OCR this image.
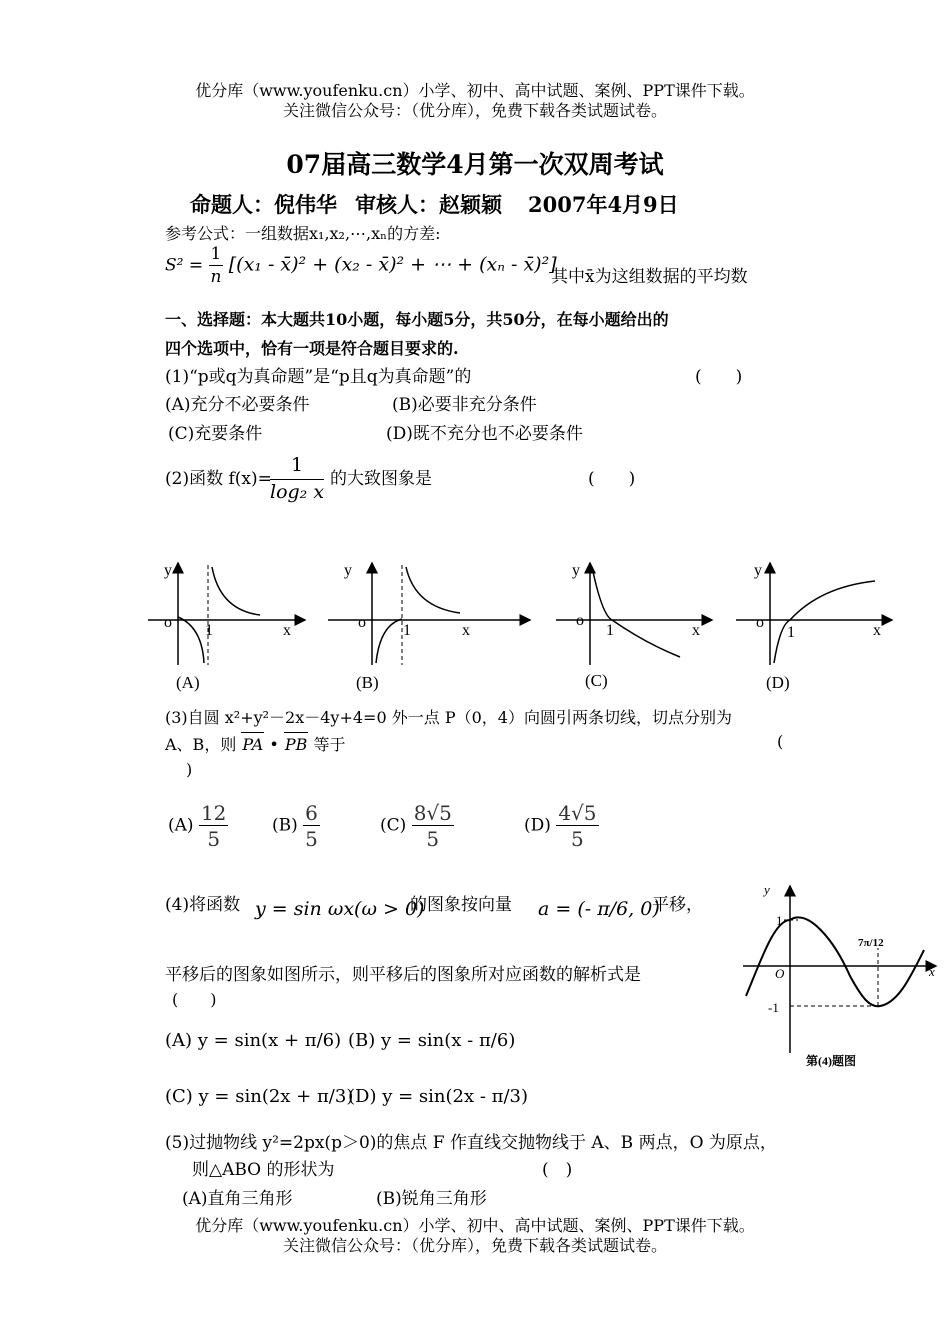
优分库（www.youfenku.cn）小学、初中、高中试题、案例、PPT课件下载。
关注微信公众号：（优分库），免费下载各类试题试卷。
07届高三数学4月第一次双周考试
命题人：倪伟华 审核人：赵颖颖 2007年4月9日
参考公式：一组数据x₁,x₂,⋯,xₙ的方差:
$S^2 = \frac{1}{n} [(x_1$ - x̄)² + (x₂ - x̄)² + ⋯ + (xₙ - x̄)²]
其中x̄为这组数据的平均数
一、选择题：本大题共10小题，每小题5分，共50分，在每小题给出的
四个选项中，恰有一项是符合题目要求的.
(1)“p或q为真命题”是“p且q为真命题”的	(　　)
(A)充分不必要条件	(B)必要非充分条件
(C)充要条件	(D)既不充分也不必要条件
(2)函数 f(x)=
$\frac{1}{\text{log₂ x}}$ 的大致图象是	(　　)
y
o 1	x
(A)
y
o 1	x
(B)
y
o
1	x
(C)
y
o
1	x
(D)
(3)自圆 x²+y²－2x－4y+4=0 外一点 P（0，4）向圆引两条切线，切点分别为
A、B，则 PA • PB 等于	(
)
$(A) \frac{12}{5}$	$(B) \frac{6}{5}$	$(C) \frac{8√5}{5}$	$(D) \frac{4√5}{5}$
(4)将函数 y = sin ωx(ω > 0)
的图象按向量 a = (- π/6, 0)
平移，
平移后的图象如图所示，则平移后的图象所对应函数的解析式是
(　　)
(A) y = sin(x + π/6) (B) y = sin(x - π/6)
(C) y = sin(2x + π/3)
(D) y = sin(2x - π/3)
y
x
1
-1
O
7π/12
第(4)题图
(5)过抛物线 y²=2px(p＞0)的焦点 F 作直线交抛物线于 A、B 两点，O 为原点，
则△ABO 的形状为	(　)
(A)直角三角形	(B)锐角三角形
优分库（www.youfenku.cn）小学、初中、高中试题、案例、PPT课件下载。
关注微信公众号：（优分库），免费下载各类试题试卷。
